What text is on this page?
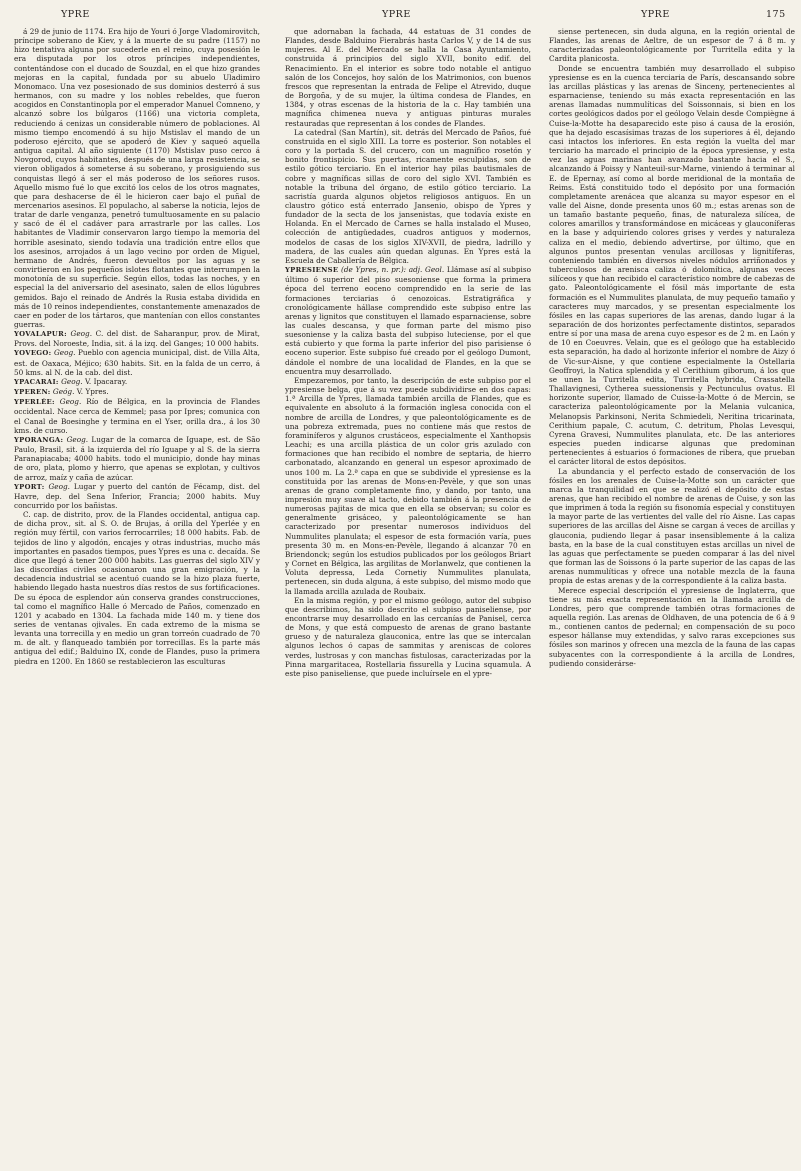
YPRE	YPRE	YPRE	175

á 29 de junio de 1174. Era hijo de Youri ó Jorge Vladomirovitch, príncipe soberano de Kiev, y á la muerte de su padre (1157) no hizo tentativa alguna por sucederle en el reino, cuya posesión le era disputada por los otros príncipes independientes, contentándose con el ducado de Souzdal, en el que hizo grandes mejoras en la capital, fundada por su abuelo Uladimiro Monomaco. Una vez posesionado de sus dominios desterró á sus hermanos, con su madre y los nobles rebeldes, que fueron acogidos en Constantinopla por el emperador Manuel Comneno, y alcanzó sobre los búlgaros (1166) una victoria completa, reduciendo á cenizas un considerable número de poblaciones. Al mismo tiempo encomendó á su hijo Mstislav el mando de un poderoso ejército, que se apoderó de Kiev y saqueó aquella antigua capital. Al año siguiente (1170) Mstislav puso cerco á Novgorod, cuyos habitantes, después de una larga resistencia, se vieron obligados á someterse á su soberano, y prosiguiendo sus conquistas llegó á ser el más poderoso de los señores rusos. Aquello mismo fué lo que excitó los celos de los otros magnates, que para deshacerse de él le hicieron caer bajo el puñal de mercenarios asesinos. El populacho, al saberse la noticia, lejos de tratar de darle venganza, penetró tumultuosamente en su palacio y sacó de él el cadáver para arrastrarle por las calles. Los habitantes de Vladimir conservaron largo tiempo la memoria del horrible asesinato, siendo todavía una tradición entre ellos que los asesinos, arrojados á un lago vecino por orden de Miguel, hermano de Andrés, fueron devueltos por las aguas y se convirtieron en los pequeños islotes flotantes que interrumpen la monotonía de su superficie. Según ellos, todas las noches, y en especial la del aniversario del asesinato, salen de ellos lúgubres gemidos. Bajo el reinado de Andrés la Rusia estaba dividida en más de 10 reinos independientes, constantemente amenazados de caer en poder de los tártaros, que mantenían con ellos constantes guerras.

YOVALAPUR: Geog. C. del dist. de Saharanpur, prov. de Mirat, Provs. del Noroeste, India, sit. á la izq. del Ganges; 10 000 habits.

YOVEGO: Geog. Pueblo con agencia municipal, dist. de Villa Alta, est. de Oaxaca, Méjico; 630 habits. Sit. en la falda de un cerro, á 50 kms. al N. de la cab. del dist.

YPACARAI: Geog. V. Ipacaray.

YPEREN: Geóg. V. Ypres.

YPERLÉE: Geog. Río de Bélgica, en la provincia de Flandes occidental. Nace cerca de Kemmel; pasa por Ipres; comunica con el Canal de Boesinghe y termina en el Yser, orilla dra., á los 30 kms. de curso.

YPORANGA: Geog. Lugar de la comarca de Iguape, est. de São Paulo, Brasil, sit. á la izquierda del río Iguape y al S. de la sierra Paranapiacaba; 4000 habits. todo el municipio, donde hay minas de oro, plata, plomo y hierro, que apenas se explotan, y cultivos de arroz, maíz y caña de azúcar.

YPORT: Geog. Lugar y puerto del cantón de Fécamp, dist. del Havre, dep. del Sena Inferior, Francia; 2000 habits. Muy concurrido por los bañistas.

C. cap. de distrito, prov. de la Flandes occidental, antigua cap. de dicha prov., sit. al S. O. de Brujas, á orilla del Yperlée y en región muy fértil, con varios ferrocarriles; 18 000 habits. Fab. de tejidos de lino y algodón, encajes y otras industrias, mucho más importantes en pasados tiempos, pues Ypres es una c. decaída. Se dice que llegó á tener 200 000 habits. Las guerras del siglo XIV y las discordias civiles ocasionaron una gran emigración, y la decadencia industrial se acentuó cuando se la hizo plaza fuerte, habiendo llegado hasta nuestros días restos de sus fortificaciones. De su época de esplendor aún conserva grandes construcciones, tal como el magnífico Halle ó Mercado de Paños, comenzado en 1201 y acabado en 1304. La fachada mide 140 m. y tiene dos series de ventanas ojivales. En cada extremo de la misma se levanta una torrecilla y en medio un gran torreón cuadrado de 70 m. de alt. y flanqueado también por torrecillas. Es la parte más antigua del edif.; Balduino IX, conde de Flandes, puso la primera piedra en 1200. En 1860 se restablecieron las esculturas

que adornaban la fachada, 44 estatuas de 31 condes de Flandes, desde Balduino Fierabrás hasta Carlos V, y de 14 de sus mujeres. Al E. del Mercado se halla la Casa Ayuntamiento, construida á principios del siglo XVII, bonito edif. del Renacimiento. En el interior es sobre todo notable el antiguo salón de los Concejos, hoy salón de los Matrimonios, con buenos frescos que representan la entrada de Felipe el Atrevido, duque de Borgoña, y de su mujer, la última condesa de Flandes, en 1384, y otras escenas de la historia de la c. Hay también una magnífica chimenea nueva y antiguas pinturas murales restauradas que representan á los condes de Flandes.

La catedral (San Martín), sit. detrás del Mercado de Paños, fué construida en el siglo XIII. La torre es posterior. Son notables el coro y la portada S. del crucero, con un magnífico rosetón y bonito frontispicio. Sus puertas, ricamente esculpidas, son de estilo gótico terciario. En el interior hay pilas bautismales de cobre y magníficas sillas de coro del siglo XVI. También es notable la tribuna del órgano, de estilo gótico terciario. La sacristía guarda algunos objetos religiosos antiguos. En un claustro gótico está enterrado Jansenio, obispo de Ypres y fundador de la secta de los jansenistas, que todavía existe en Holanda. En el Mercado de Carnes se halla instalado el Museo, colección de antigüedades, cuadros antiguos y modernos, modelos de casas de los siglos XIV-XVII, de piedra, ladrillo y madera, de las cuales aún quedan algunas. En Ypres está la Escuela de Caballería de Bélgica.

YPRESIENSE (de Ypres, n. pr.): adj. Geol. Llámase así al subpiso último ó superior del piso suesoniense que forma la primera época del terreno eoceno comprendido en la serie de las formaciones terciarias ó cenozoicas. Estratigráfica y cronológicamente hállase comprendido este subpiso entre las arenas y lignitos que constituyen el llamado esparnaciense, sobre las cuales descansa, y que forman parte del mismo piso suesoniense y la caliza basta del subpiso luteciense, por el que está cubierto y que forma la parte inferior del piso parisiense ó eoceno superior. Este subpiso fué creado por el geólogo Dumont, dándole el nombre de una localidad de Flandes, en la que se encuentra muy desarrollado.

Empezaremos, por tanto, la descripción de este subpiso por el ypresiense belga, que á su vez puede subdividirse en dos capas: 1.ª Arcilla de Ypres, llamada también arcilla de Flandes, que es equivalente en absoluto á la formación inglesa conocida con el nombre de arcilla de Londres, y que paleontológicamente es de una pobreza extremada, pues no contiene más que restos de foraminíferos y algunos crustáceos, especialmente el Xanthopsis Leachi; es una arcilla plástica de un color gris azulado con formaciones que han recibido el nombre de septaria, de hierro carbonatado, alcanzando en general un espesor aproximado de unos 100 m. La 2.ª capa en que se subdivide el ypresiense es la constituida por las arenas de Mons-en-Pevèle, y que son unas arenas de grano completamente fino, y dando, por tanto, una impresión muy suave al tacto, debido también á la presencia de numerosas pajitas de mica que en ella se observan; su color es generalmente grisáceo, y paleontológicamente se han caracterizado por presentar numerosos individuos del Nummulites planulata; el espesor de esta formación varía, pues presenta 30 m. en Mons-en-Pevèle, llegando á alcanzar 70 en Briendonck; según los estudios publicados por los geólogos Briart y Cornet en Bélgica, las argilitas de Morlanwelz, que contienen la Voluta depressa, Leda Cornetiy Nummulites planulata, pertenecen, sin duda alguna, á este subpiso, del mismo modo que la llamada arcilla azulada de Roubaix.

En la misma región, y por el mismo geólogo, autor del subpiso que describimos, ha sido descrito el subpiso paniseliense, por encontrarse muy desarrollado en las cercanías de Panisel, cerca de Mons, y que está compuesto de arenas de grano bastante grueso y de naturaleza glauconica, entre las que se intercalan algunos lechos ó capas de sammitas y areniscas de colores verdes, lustrosas y con manchas fistulosas, caracterizadas por la Pinna margaritacea, Rostellaria fissurella y Lucina squamula. A este piso paniseliense, que puede incluírsele en el ypre-

siense pertenecen, sin duda alguna, en la región oriental de Flandes, las arenas de Aeltre, de un espesor de 7 á 8 m. y caracterizadas paleontológicamente por Turritella edita y la Cardita planicosta.

Donde se encuentra también muy desarrollado el subpiso ypresiense es en la cuenca terciaria de París, descansando sobre las arcillas plásticas y las arenas de Sinceny, pertenecientes al esparnaciense, teniendo su más exacta representación en las arenas llamadas nummulíticas del Soissonnais, si bien en los cortes geológicos dados por el geólogo Velain desde Compiègne á Cuise-la-Motte ha desaparecido este piso á causa de la erosión, que ha dejado escasísimas trazas de los superiores á él, dejando casi intactos los inferiores. En esta región la vuelta del mar terciario ha marcado el principio de la época ypresiense, y esta vez las aguas marinas han avanzado bastante hacia el S., alcanzando á Poissy y Nanteuil-sur-Marne, viniendo á terminar al E. de Epernay, así como al borde meridional de la montaña de Reims. Está constituido todo el depósito por una formación completamente arenácea que alcanza su mayor espesor en el valle del Aisne, donde presenta unos 60 m.; estas arenas son de un tamaño bastante pequeño, finas, de naturaleza silícea, de colores amarillos y transformándose en micáceas y glauconíferas en la base y adquiriendo colores grises y verdes y naturaleza caliza en el medio, debiendo advertirse, por último, que en algunos puntos presentan venulas arcillosas y lignitíferas, conteniendo también en diversos niveles nódulos arriñonados y tuberculosos de arenisca caliza ó dolomítica, algunas veces silíceos y que han recibido el característico nombre de cabezas de gato. Paleontológicamente el fósil más importante de esta formación es el Nummulites planulata, de muy pequeño tamaño y caracteres muy marcados, y se presentan especialmente los fósiles en las capas superiores de las arenas, dando lugar á la separación de dos horizontes perfectamente distintos, separados entre sí por una masa de arena cuyo espesor es de 2 m. en Laón y de 10 en Coeuvres. Velain, que es el geólogo que ha establecido esta separación, ha dado al horizonte inferior el nombre de Aizy ó de Vic-sur-Aisne, y que contiene especialmente la Ostellaria Geoffroyi, la Natica splendida y el Cerithium giborum, á los que se unen la Turritella edita, Turritella hybrida, Crassatella Thallavignesi, Cytherea suessionensis y Pectunculus ovatus. El horizonte superior, llamado de Cuisse-la-Motte ó de Mercin, se caracteriza paleontológicamente por la Melania vulcanica, Melanopsis Parkinsoni, Nerita Schmiedeli, Neritina tricarinata, Cerithium papale, C. acutum, C. detritum, Pholas Levesqui, Cyrena Gravesi, Nummulites planulata, etc. De las anteriores especies pueden indicarse algunas que predominan pertenecientes á estuarios ó formaciones de ribera, que prueban el carácter litoral de estos depósitos.

La abundancia y el perfecto estado de conservación de los fósiles en los arenales de Cuise-la-Motte son un carácter que marca la tranquilidad en que se realizó el depósito de estas arenas, que han recibido el nombre de arenas de Cuise, y son las que imprimen á toda la región su fisonomía especial y constituyen la mayor parte de las vertientes del valle del río Aisne. Las capas superiores de las arcillas del Aisne se cargan á veces de arcillas y glauconia, pudiendo llegar á pasar insensiblemente á la caliza basta, en la base de la cual constituyen estas arcillas un nivel de las aguas que perfectamente se pueden comparar á las del nivel que forman las de Soissons ó la parte superior de las capas de las arenas nummulíticas y ofrece una notable mezcla de la fauna propia de estas arenas y de la correspondiente á la caliza basta.

Merece especial descripción el ypresiense de Inglaterra, que tiene su más exacta representación en la llamada arcilla de Londres, pero que comprende también otras formaciones de aquella región. Las arenas de Oldhaven, de una potencia de 6 á 9 m., contienen cantos de pedernal; en compensación de su poco espesor hállanse muy extendidas, y salvo raras excepciones sus fósiles son marinos y ofrecen una mezcla de la fauna de las capas subyacentes con la correspondiente á la arcilla de Londres, pudiendo considerárse-
